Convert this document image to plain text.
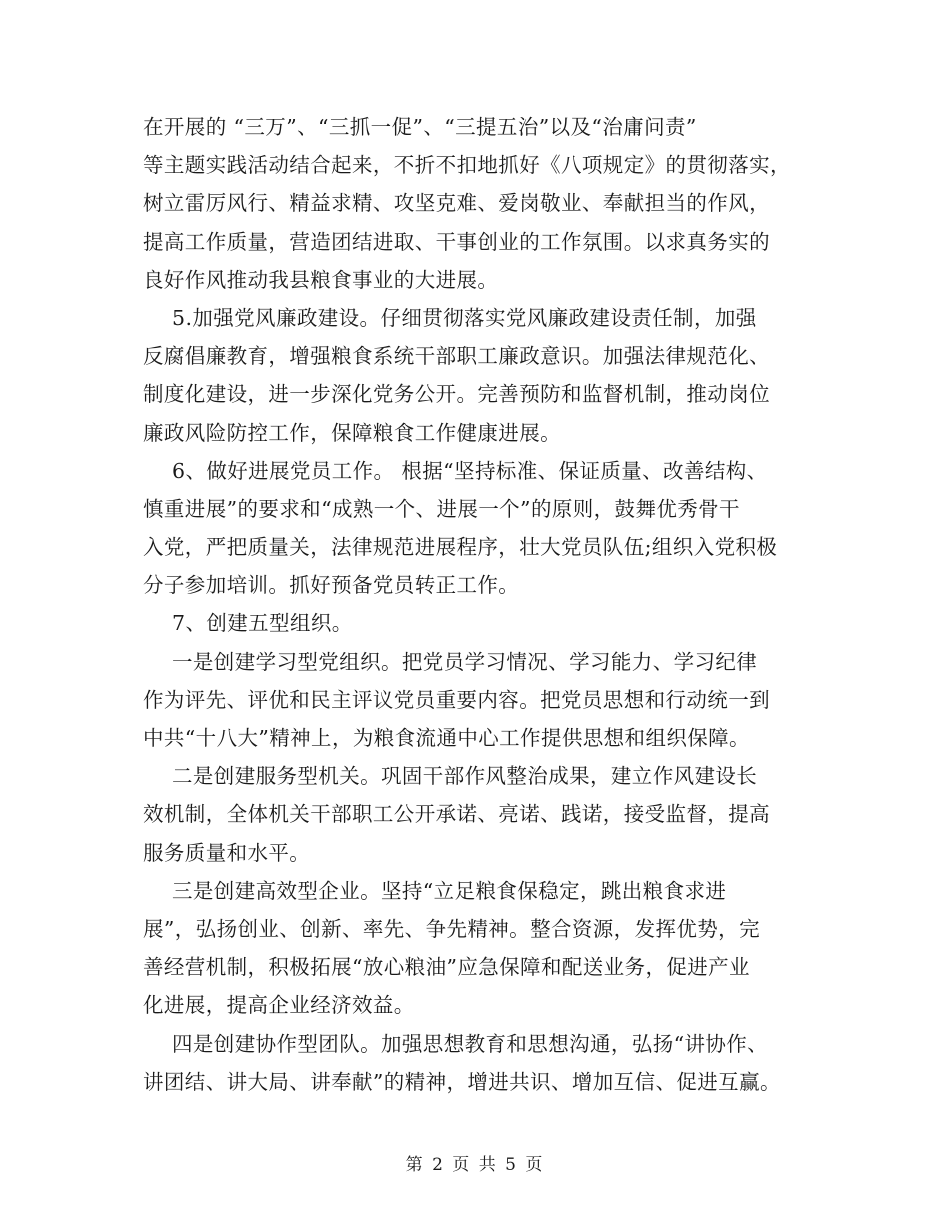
在开展的 “三万”、“三抓一促”、“三提五治”以及“治庸问责”
等主题实践活动结合起来，不折不扣地抓好《八项规定》的贯彻落实，
树立雷厉风行、精益求精、攻坚克难、爱岗敬业、奉献担当的作风，
提高工作质量，营造团结进取、干事创业的工作氛围。以求真务实的
良好作风推动我县粮食事业的大进展。
5.加强党风廉政建设。仔细贯彻落实党风廉政建设责任制，加强
反腐倡廉教育，增强粮食系统干部职工廉政意识。加强法律规范化、
制度化建设，进一步深化党务公开。完善预防和监督机制，推动岗位
廉政风险防控工作，保障粮食工作健康进展。
6、做好进展党员工作。 根据“坚持标准、保证质量、改善结构、
慎重进展”的要求和“成熟一个、进展一个”的原则，鼓舞优秀骨干
入党，严把质量关，法律规范进展程序，壮大党员队伍;组织入党积极
分子参加培训。抓好预备党员转正工作。
7、创建五型组织。
一是创建学习型党组织。把党员学习情况、学习能力、学习纪律
作为评先、评优和民主评议党员重要内容。把党员思想和行动统一到
中共“十八大”精神上，为粮食流通中心工作提供思想和组织保障。
二是创建服务型机关。巩固干部作风整治成果，建立作风建设长
效机制，全体机关干部职工公开承诺、亮诺、践诺，接受监督，提高
服务质量和水平。
三是创建高效型企业。坚持“立足粮食保稳定，跳出粮食求进
展”，弘扬创业、创新、率先、争先精神。整合资源，发挥优势，完
善经营机制，积极拓展“放心粮油”应急保障和配送业务，促进产业
化进展，提高企业经济效益。
四是创建协作型团队。加强思想教育和思想沟通，弘扬“讲协作、
讲团结、讲大局、讲奉献”的精神，增进共识、增加互信、促进互赢。
第 2 页 共 5 页
